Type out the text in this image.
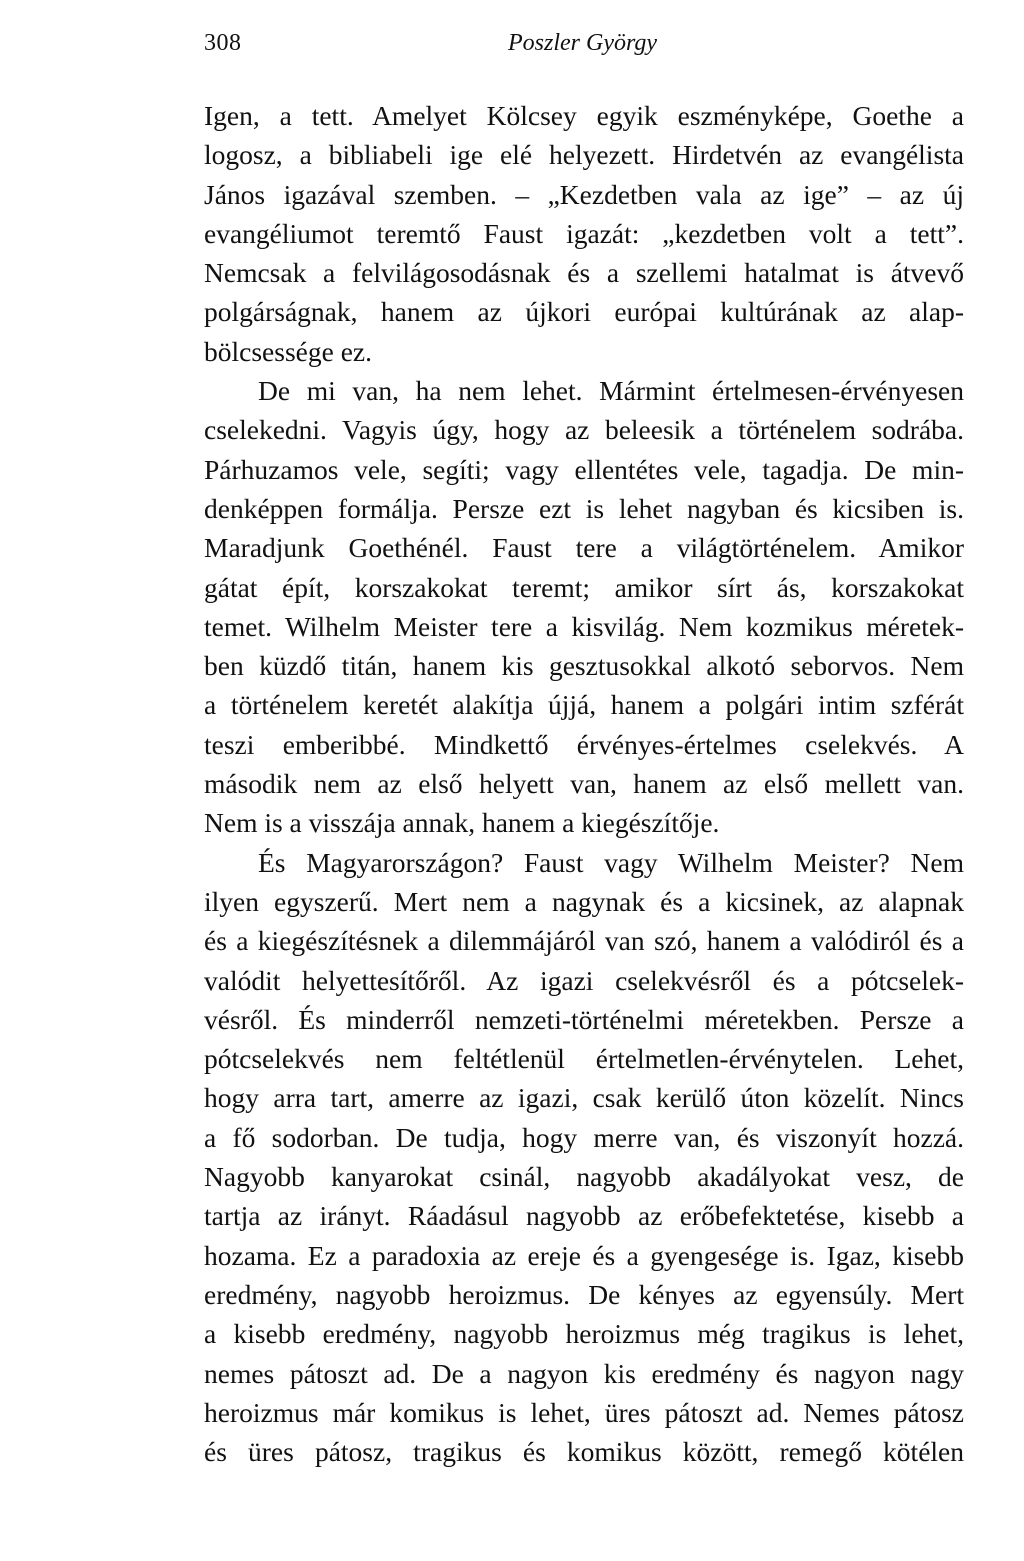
308	Poszler György
Igen, a tett. Amelyet Kölcsey egyik eszményképe, Goethe a
logosz, a bibliabeli ige elé helyezett. Hirdetvén az evangélista
János igazával szemben. – „Kezdetben vala az ige” – az új
evangéliumot teremtő Faust igazát: „kezdetben volt a tett”.
Nemcsak a felvilágosodásnak és a szellemi hatalmat is átvevő
polgárságnak, hanem az újkori európai kultúrának az alap-
bölcsessége ez.
De mi van, ha nem lehet. Mármint értelmesen-érvényesen
cselekedni. Vagyis úgy, hogy az beleesik a történelem sodrába.
Párhuzamos vele, segíti; vagy ellentétes vele, tagadja. De min-
denképpen formálja. Persze ezt is lehet nagyban és kicsiben is.
Maradjunk Goethénél. Faust tere a világtörténelem. Amikor
gátat épít, korszakokat teremt; amikor sírt ás, korszakokat
temet. Wilhelm Meister tere a kisvilág. Nem kozmikus méretek-
ben küzdő titán, hanem kis gesztusokkal alkotó seborvos. Nem
a történelem keretét alakítja újjá, hanem a polgári intim szférát
teszi emberibbé. Mindkettő érvényes-értelmes cselekvés. A
második nem az első helyett van, hanem az első mellett van.
Nem is a visszája annak, hanem a kiegészítője.
És Magyarországon? Faust vagy Wilhelm Meister? Nem
ilyen egyszerű. Mert nem a nagynak és a kicsinek, az alapnak
és a kiegészítésnek a dilemmájáról van szó, hanem a valódiról és a
valódit helyettesítőről. Az igazi cselekvésről és a pótcselek-
vésről. És minderről nemzeti-történelmi méretekben. Persze a
pótcselekvés nem feltétlenül értelmetlen-érvénytelen. Lehet,
hogy arra tart, amerre az igazi, csak kerülő úton közelít. Nincs
a fő sodorban. De tudja, hogy merre van, és viszonyít hozzá.
Nagyobb kanyarokat csinál, nagyobb akadályokat vesz, de
tartja az irányt. Ráadásul nagyobb az erőbefektetése, kisebb a
hozama. Ez a paradoxia az ereje és a gyengesége is. Igaz, kisebb
eredmény, nagyobb heroizmus. De kényes az egyensúly. Mert
a kisebb eredmény, nagyobb heroizmus még tragikus is lehet,
nemes pátoszt ad. De a nagyon kis eredmény és nagyon nagy
heroizmus már komikus is lehet, üres pátoszt ad. Nemes pátosz
és üres pátosz, tragikus és komikus között, remegő kötélen
